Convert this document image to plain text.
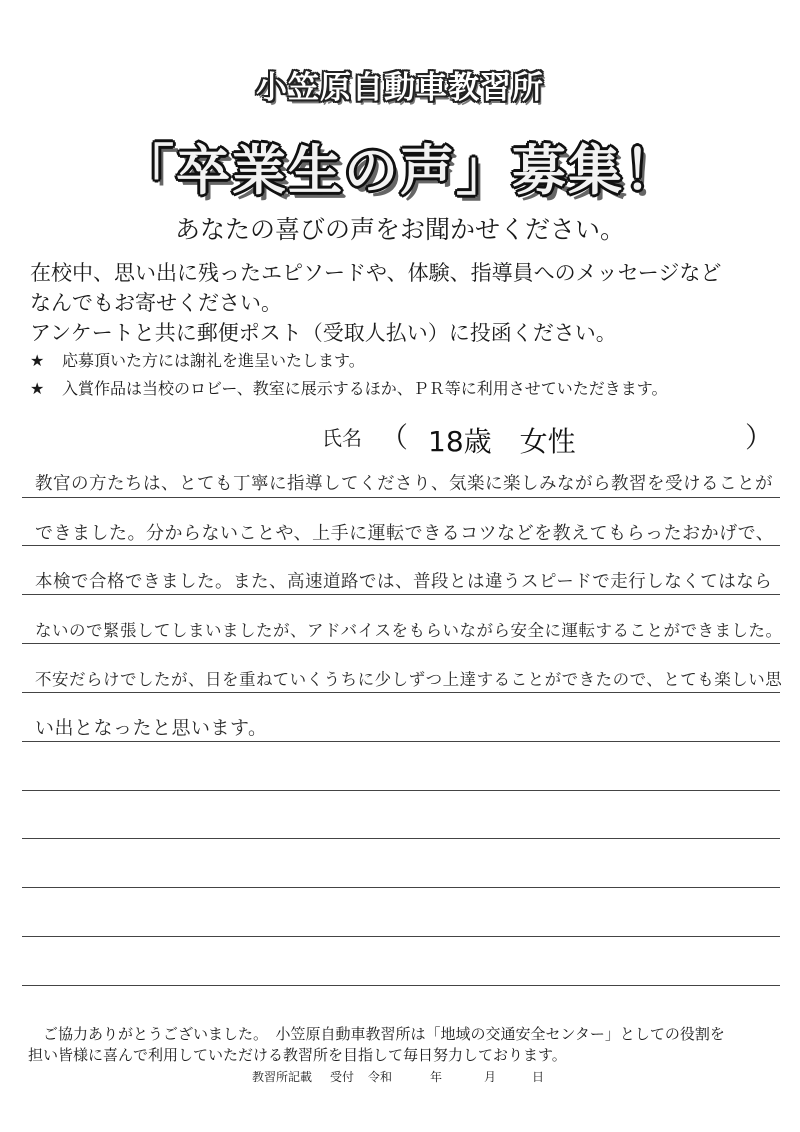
小笠原自動車教習所
「卒業生の声」募集！
あなたの喜びの声をお聞かせください。
在校中、思い出に残ったエピソードや、体験、指導員へのメッセージなど
なんでもお寄せください。
アンケートと共に郵便ポスト（受取人払い）に投函ください。
★ 応募頂いた方には謝礼を進呈いたします。
★ 入賞作品は当校のロビー、教室に展示するほか、ＰＲ等に利用させていただきます。
氏名 （ 18歳　女性	）
教官の方たちは、とても丁寧に指導してくださり、気楽に楽しみながら教習を受けることが
できました。分からないことや、上手に運転できるコツなどを教えてもらったおかげで、
本検で合格できました。また、高速道路では、普段とは違うスピードで走行しなくてはなら
ないので緊張してしまいましたが、アドバイスをもらいながら安全に運転することができました。
不安だらけでしたが、日を重ねていくうちに少しずつ上達することができたので、とても楽しい思
い出となったと思います。
　ご協力ありがとうございました。　小笠原自動車教習所は「地域の交通安全センター」としての役割を
担い皆様に喜んで利用していただける教習所を目指して毎日努力しております。
教習所記載 受付 令和	年	月	日
